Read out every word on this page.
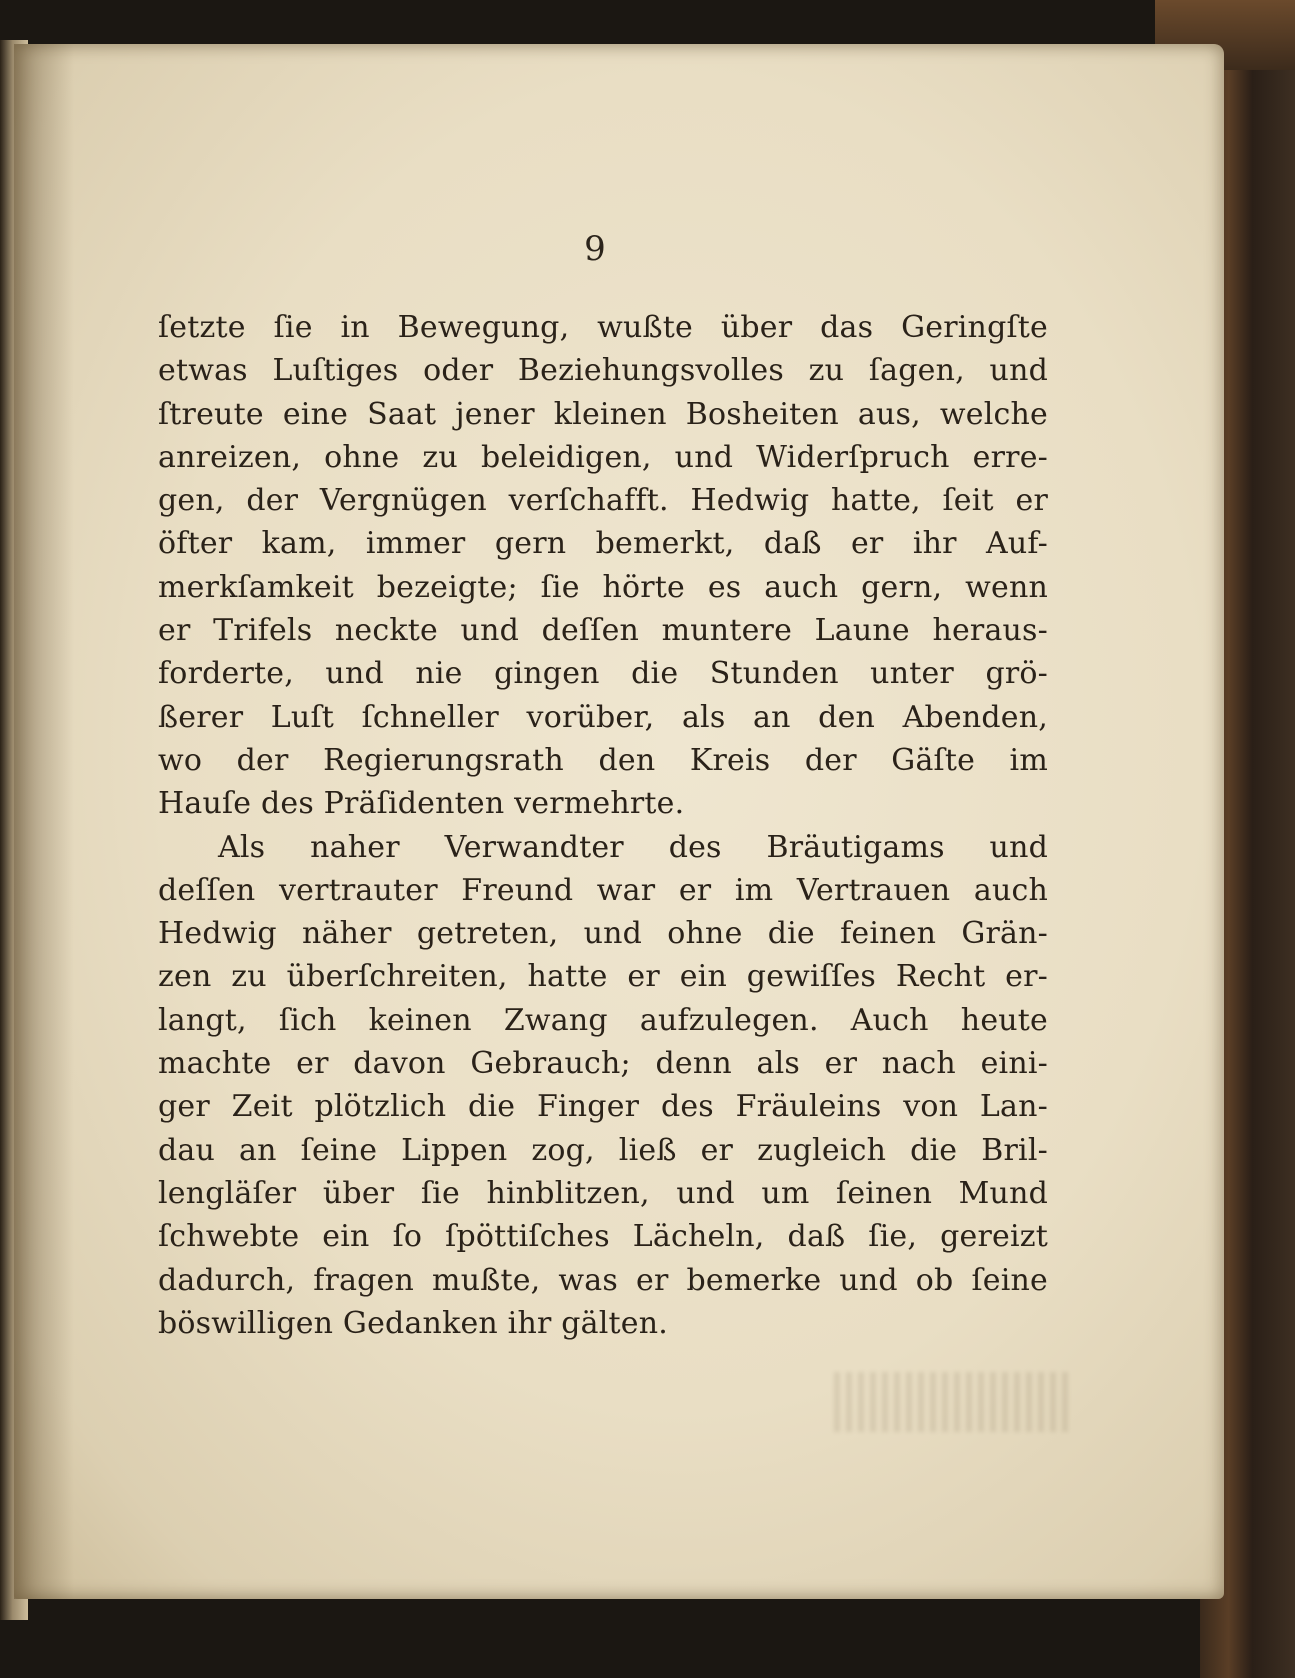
9
ſetzte ſie in Bewegung, wußte über das Geringſte
etwas Luſtiges oder Beziehungsvolles zu ſagen, und
ſtreute eine Saat jener kleinen Bosheiten aus, welche
anreizen, ohne zu beleidigen, und Widerſpruch erre-
gen, der Vergnügen verſchafft. Hedwig hatte, ſeit er
öfter kam, immer gern bemerkt, daß er ihr Auf-
merkſamkeit bezeigte; ſie hörte es auch gern, wenn
er Trifels neckte und deſſen muntere Laune heraus-
forderte, und nie gingen die Stunden unter grö-
ßerer Luſt ſchneller vorüber, als an den Abenden,
wo der Regierungsrath den Kreis der Gäſte im
Hauſe des Präſidenten vermehrte.
Als naher Verwandter des Bräutigams und
deſſen vertrauter Freund war er im Vertrauen auch
Hedwig näher getreten, und ohne die feinen Grän-
zen zu überſchreiten, hatte er ein gewiſſes Recht er-
langt, ſich keinen Zwang aufzulegen. Auch heute
machte er davon Gebrauch; denn als er nach eini-
ger Zeit plötzlich die Finger des Fräuleins von Lan-
dau an ſeine Lippen zog, ließ er zugleich die Bril-
lengläſer über ſie hinblitzen, und um ſeinen Mund
ſchwebte ein ſo ſpöttiſches Lächeln, daß ſie, gereizt
dadurch, fragen mußte, was er bemerke und ob ſeine
böswilligen Gedanken ihr gälten.
